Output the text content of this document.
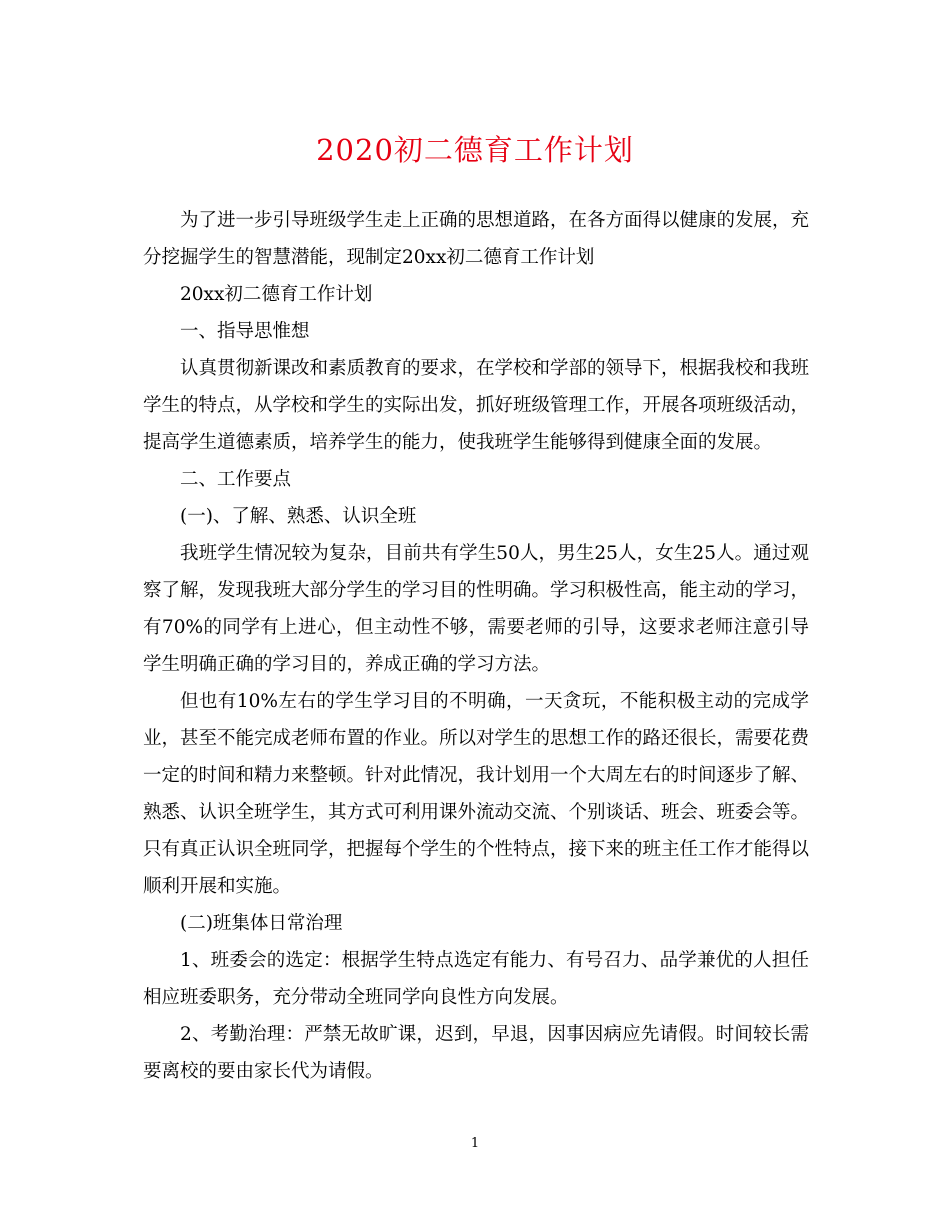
2020初二德育工作计划

为了进一步引导班级学生走上正确的思想道路，在各方面得以健康的发展，充分挖掘学生的智慧潜能，现制定20xx初二德育工作计划

20xx初二德育工作计划

一、指导思惟想

认真贯彻新课改和素质教育的要求，在学校和学部的领导下，根据我校和我班学生的特点，从学校和学生的实际出发，抓好班级管理工作，开展各项班级活动，提高学生道德素质，培养学生的能力，使我班学生能够得到健康全面的发展。

二、工作要点

(一)、了解、熟悉、认识全班

我班学生情况较为复杂，目前共有学生50人，男生25人，女生25人。通过观察了解，发现我班大部分学生的学习目的性明确。学习积极性高，能主动的学习，有70%的同学有上进心，但主动性不够，需要老师的引导，这要求老师注意引导学生明确正确的学习目的，养成正确的学习方法。

但也有10%左右的学生学习目的不明确，一天贪玩，不能积极主动的完成学业，甚至不能完成老师布置的作业。所以对学生的思想工作的路还很长，需要花费一定的时间和精力来整顿。针对此情况，我计划用一个大周左右的时间逐步了解、熟悉、认识全班学生，其方式可利用课外流动交流、个别谈话、班会、班委会等。只有真正认识全班同学，把握每个学生的个性特点，接下来的班主任工作才能得以顺利开展和实施。

(二)班集体日常治理

1、班委会的选定：根据学生特点选定有能力、有号召力、品学兼优的人担任相应班委职务，充分带动全班同学向良性方向发展。

2、考勤治理：严禁无故旷课，迟到，早退，因事因病应先请假。时间较长需要离校的要由家长代为请假。

1
